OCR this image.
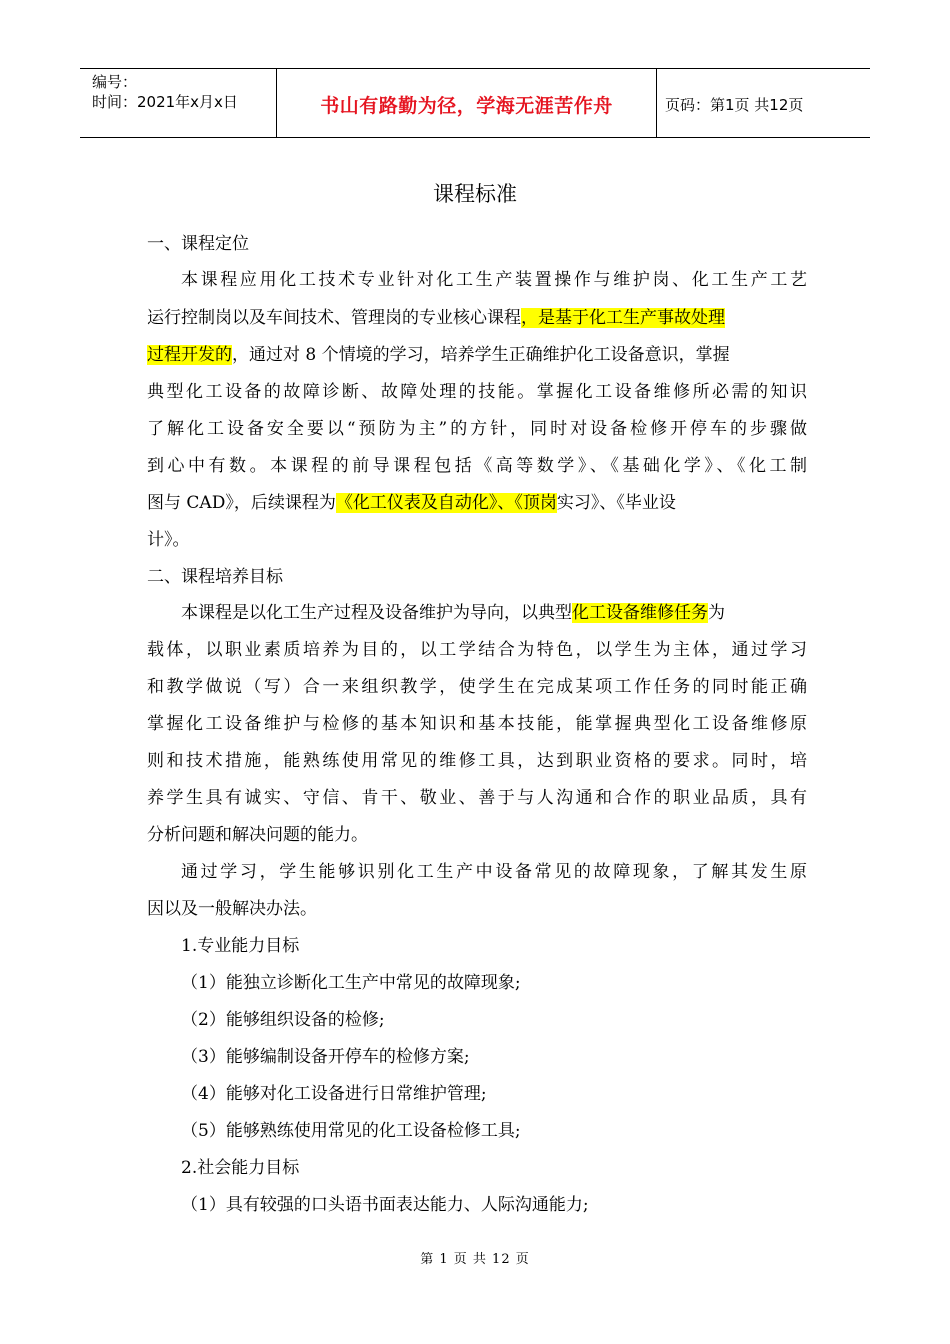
编号：
时间：2021年x月x日	书山有路勤为径，学海无涯苦作舟	页码：第1页 共12页
课程标准
一、课程定位
本课程应用化工技术专业针对化工生产装置操作与维护岗、化工生产工艺
运行控制岗以及车间技术、管理岗的专业核心课程，是基于化工生产事故处理
过程开发的，通过对 8 个情境的学习，培养学生正确维护化工设备意识，掌握
典型化工设备的故障诊断、故障处理的技能。掌握化工设备维修所必需的知识
了解化工设备安全要以“预防为主”的方针，同时对设备检修开停车的步骤做
到心中有数。本课程的前导课程包括《高等数学》、《基础化学》、《化工制
图与 CAD》，后续课程为《化工仪表及自动化》、《顶岗实习》、《毕业设
计》。
二、课程培养目标
本课程是以化工生产过程及设备维护为导向，以典型化工设备维修任务为
载体，以职业素质培养为目的，以工学结合为特色，以学生为主体，通过学习
和教学做说（写）合一来组织教学，使学生在完成某项工作任务的同时能正确
掌握化工设备维护与检修的基本知识和基本技能，能掌握典型化工设备维修原
则和技术措施，能熟练使用常见的维修工具，达到职业资格的要求。同时，培
养学生具有诚实、守信、肯干、敬业、善于与人沟通和合作的职业品质，具有
分析问题和解决问题的能力。
通过学习，学生能够识别化工生产中设备常见的故障现象，了解其发生原
因以及一般解决办法。
1.专业能力目标
（1）能独立诊断化工生产中常见的故障现象;
（2）能够组织设备的检修;
（3）能够编制设备开停车的检修方案;
（4）能够对化工设备进行日常维护管理;
（5）能够熟练使用常见的化工设备检修工具;
2.社会能力目标
（1）具有较强的口头语书面表达能力、人际沟通能力;
第 1 页 共 12 页
